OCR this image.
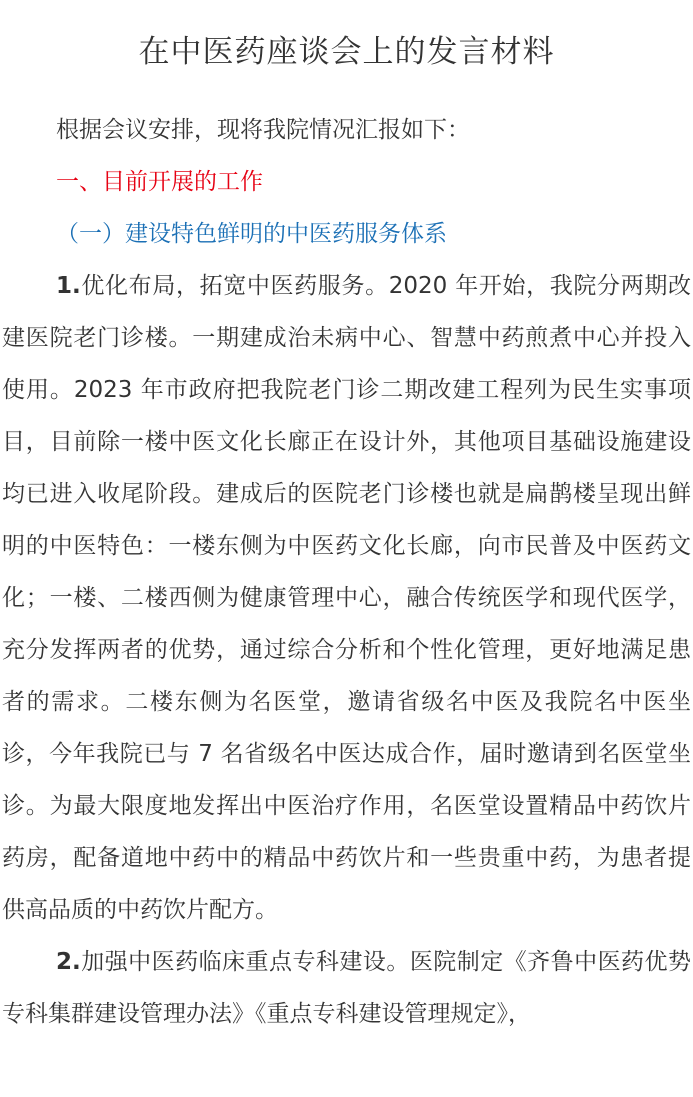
在中医药座谈会上的发言材料

根据会议安排，现将我院情况汇报如下：

一、目前开展的工作

（一）建设特色鲜明的中医药服务体系

1.优化布局，拓宽中医药服务。2020 年开始，我院分两期改建医院老门诊楼。一期建成治未病中心、智慧中药煎煮中心并投入使用。2023 年市政府把我院老门诊二期改建工程列为民生实事项目，目前除一楼中医文化长廊正在设计外，其他项目基础设施建设均已进入收尾阶段。建成后的医院老门诊楼也就是扁鹊楼呈现出鲜明的中医特色：一楼东侧为中医药文化长廊，向市民普及中医药文化；一楼、二楼西侧为健康管理中心，融合传统医学和现代医学，充分发挥两者的优势，通过综合分析和个性化管理，更好地满足患者的需求。二楼东侧为名医堂，邀请省级名中医及我院名中医坐诊，今年我院已与 7 名省级名中医达成合作，届时邀请到名医堂坐诊。为最大限度地发挥出中医治疗作用，名医堂设置精品中药饮片药房，配备道地中药中的精品中药饮片和一些贵重中药，为患者提供高品质的中药饮片配方。

2.加强中医药临床重点专科建设。医院制定《齐鲁中医药优势专科集群建设管理办法》《重点专科建设管理规定》，
